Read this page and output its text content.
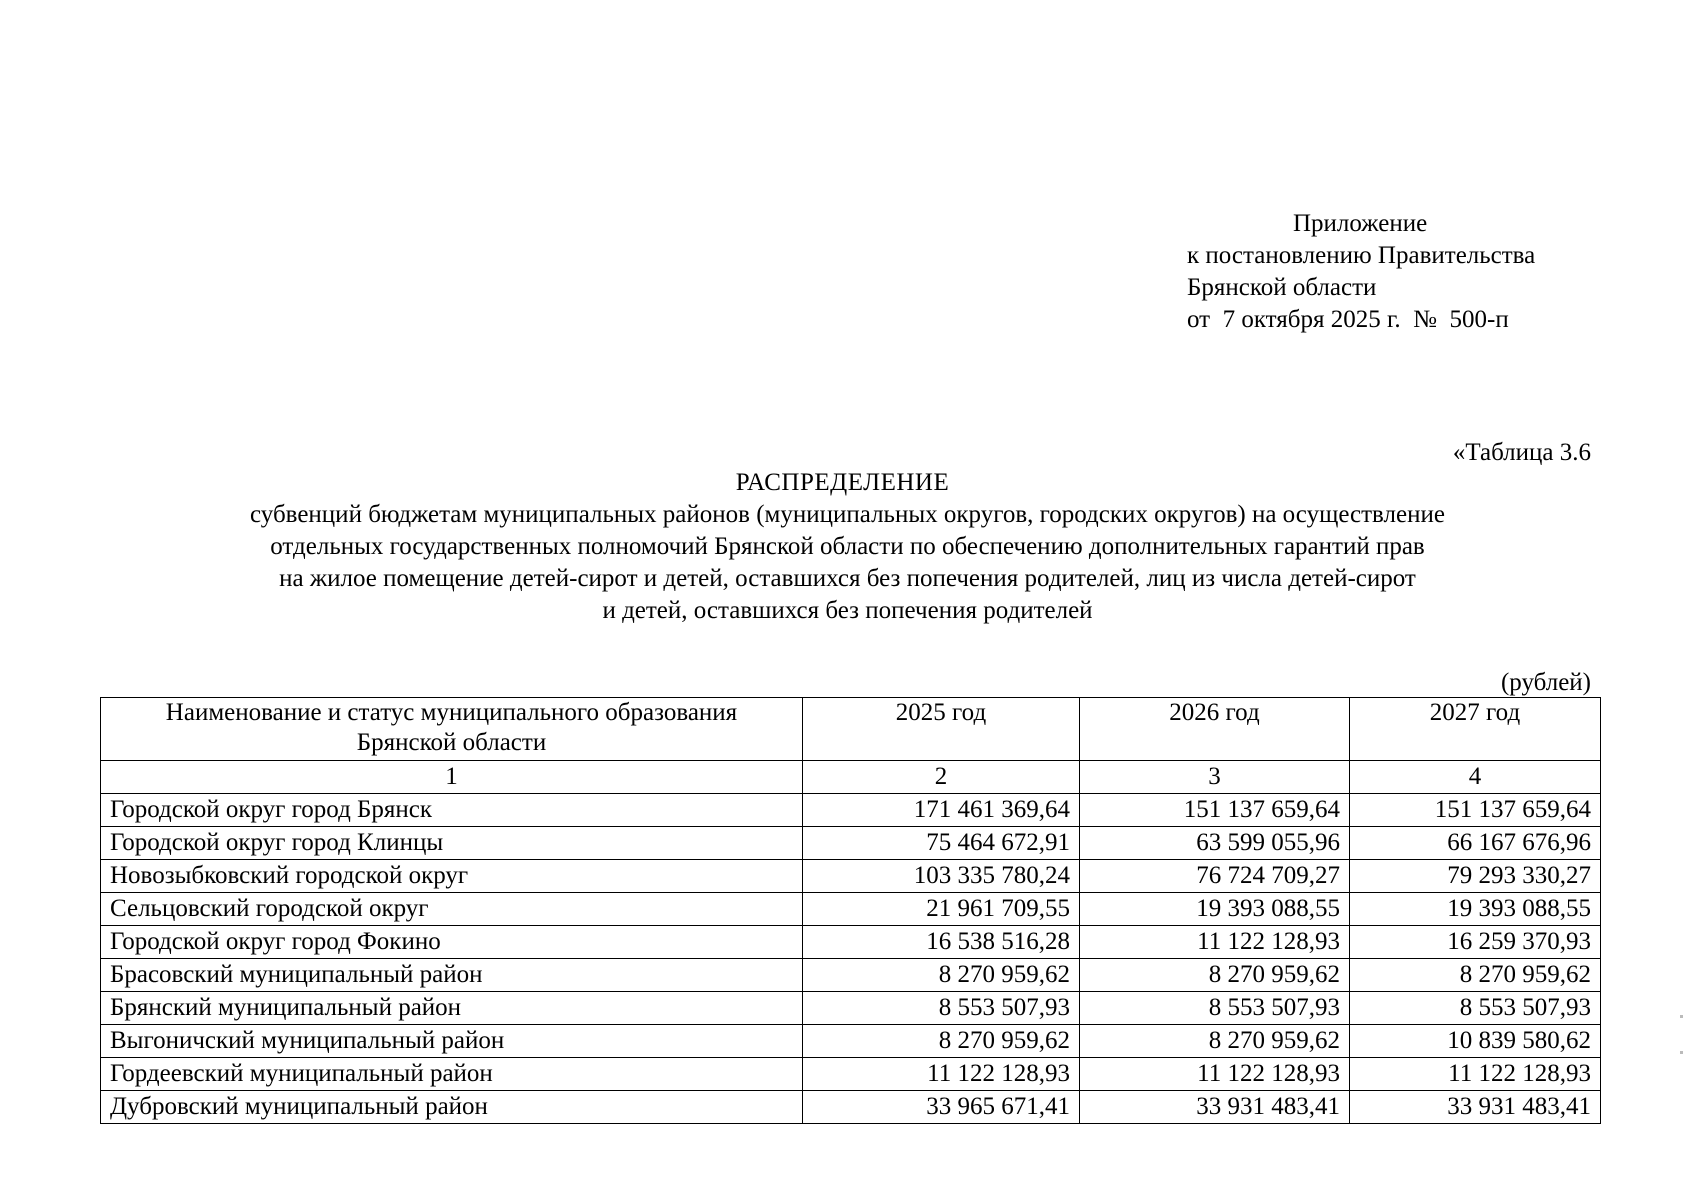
Приложение
к постановлению Правительства
Брянской области
от  7 октября 2025 г.  №  500-п
«Таблица 3.6
РАСПРЕДЕЛЕНИЕ
субвенций бюджетам муниципальных районов (муниципальных округов, городских округов) на осуществление
отдельных государственных полномочий Брянской области по обеспечению дополнительных гарантий прав
на жилое помещение детей-сирот и детей, оставшихся без попечения родителей, лиц из числа детей-сирот
и детей, оставшихся без попечения родителей
(рублей)
Наименование и статус муниципального образования
Брянской области	2025 год	2026 год	2027 год
1	2	3	4
Городской округ город Брянск	171 461 369,64	151 137 659,64	151 137 659,64
Городской округ город Клинцы	75 464 672,91	63 599 055,96	66 167 676,96
Новозыбковский городской округ	103 335 780,24	76 724 709,27	79 293 330,27
Сельцовский городской округ	21 961 709,55	19 393 088,55	19 393 088,55
Городской округ город Фокино	16 538 516,28	11 122 128,93	16 259 370,93
Брасовский муниципальный район	8 270 959,62	8 270 959,62	8 270 959,62
Брянский муниципальный район	8 553 507,93	8 553 507,93	8 553 507,93
Выгоничский муниципальный район	8 270 959,62	8 270 959,62	10 839 580,62
Гордеевский муниципальный район	11 122 128,93	11 122 128,93	11 122 128,93
Дубровский муниципальный район	33 965 671,41	33 931 483,41	33 931 483,41
